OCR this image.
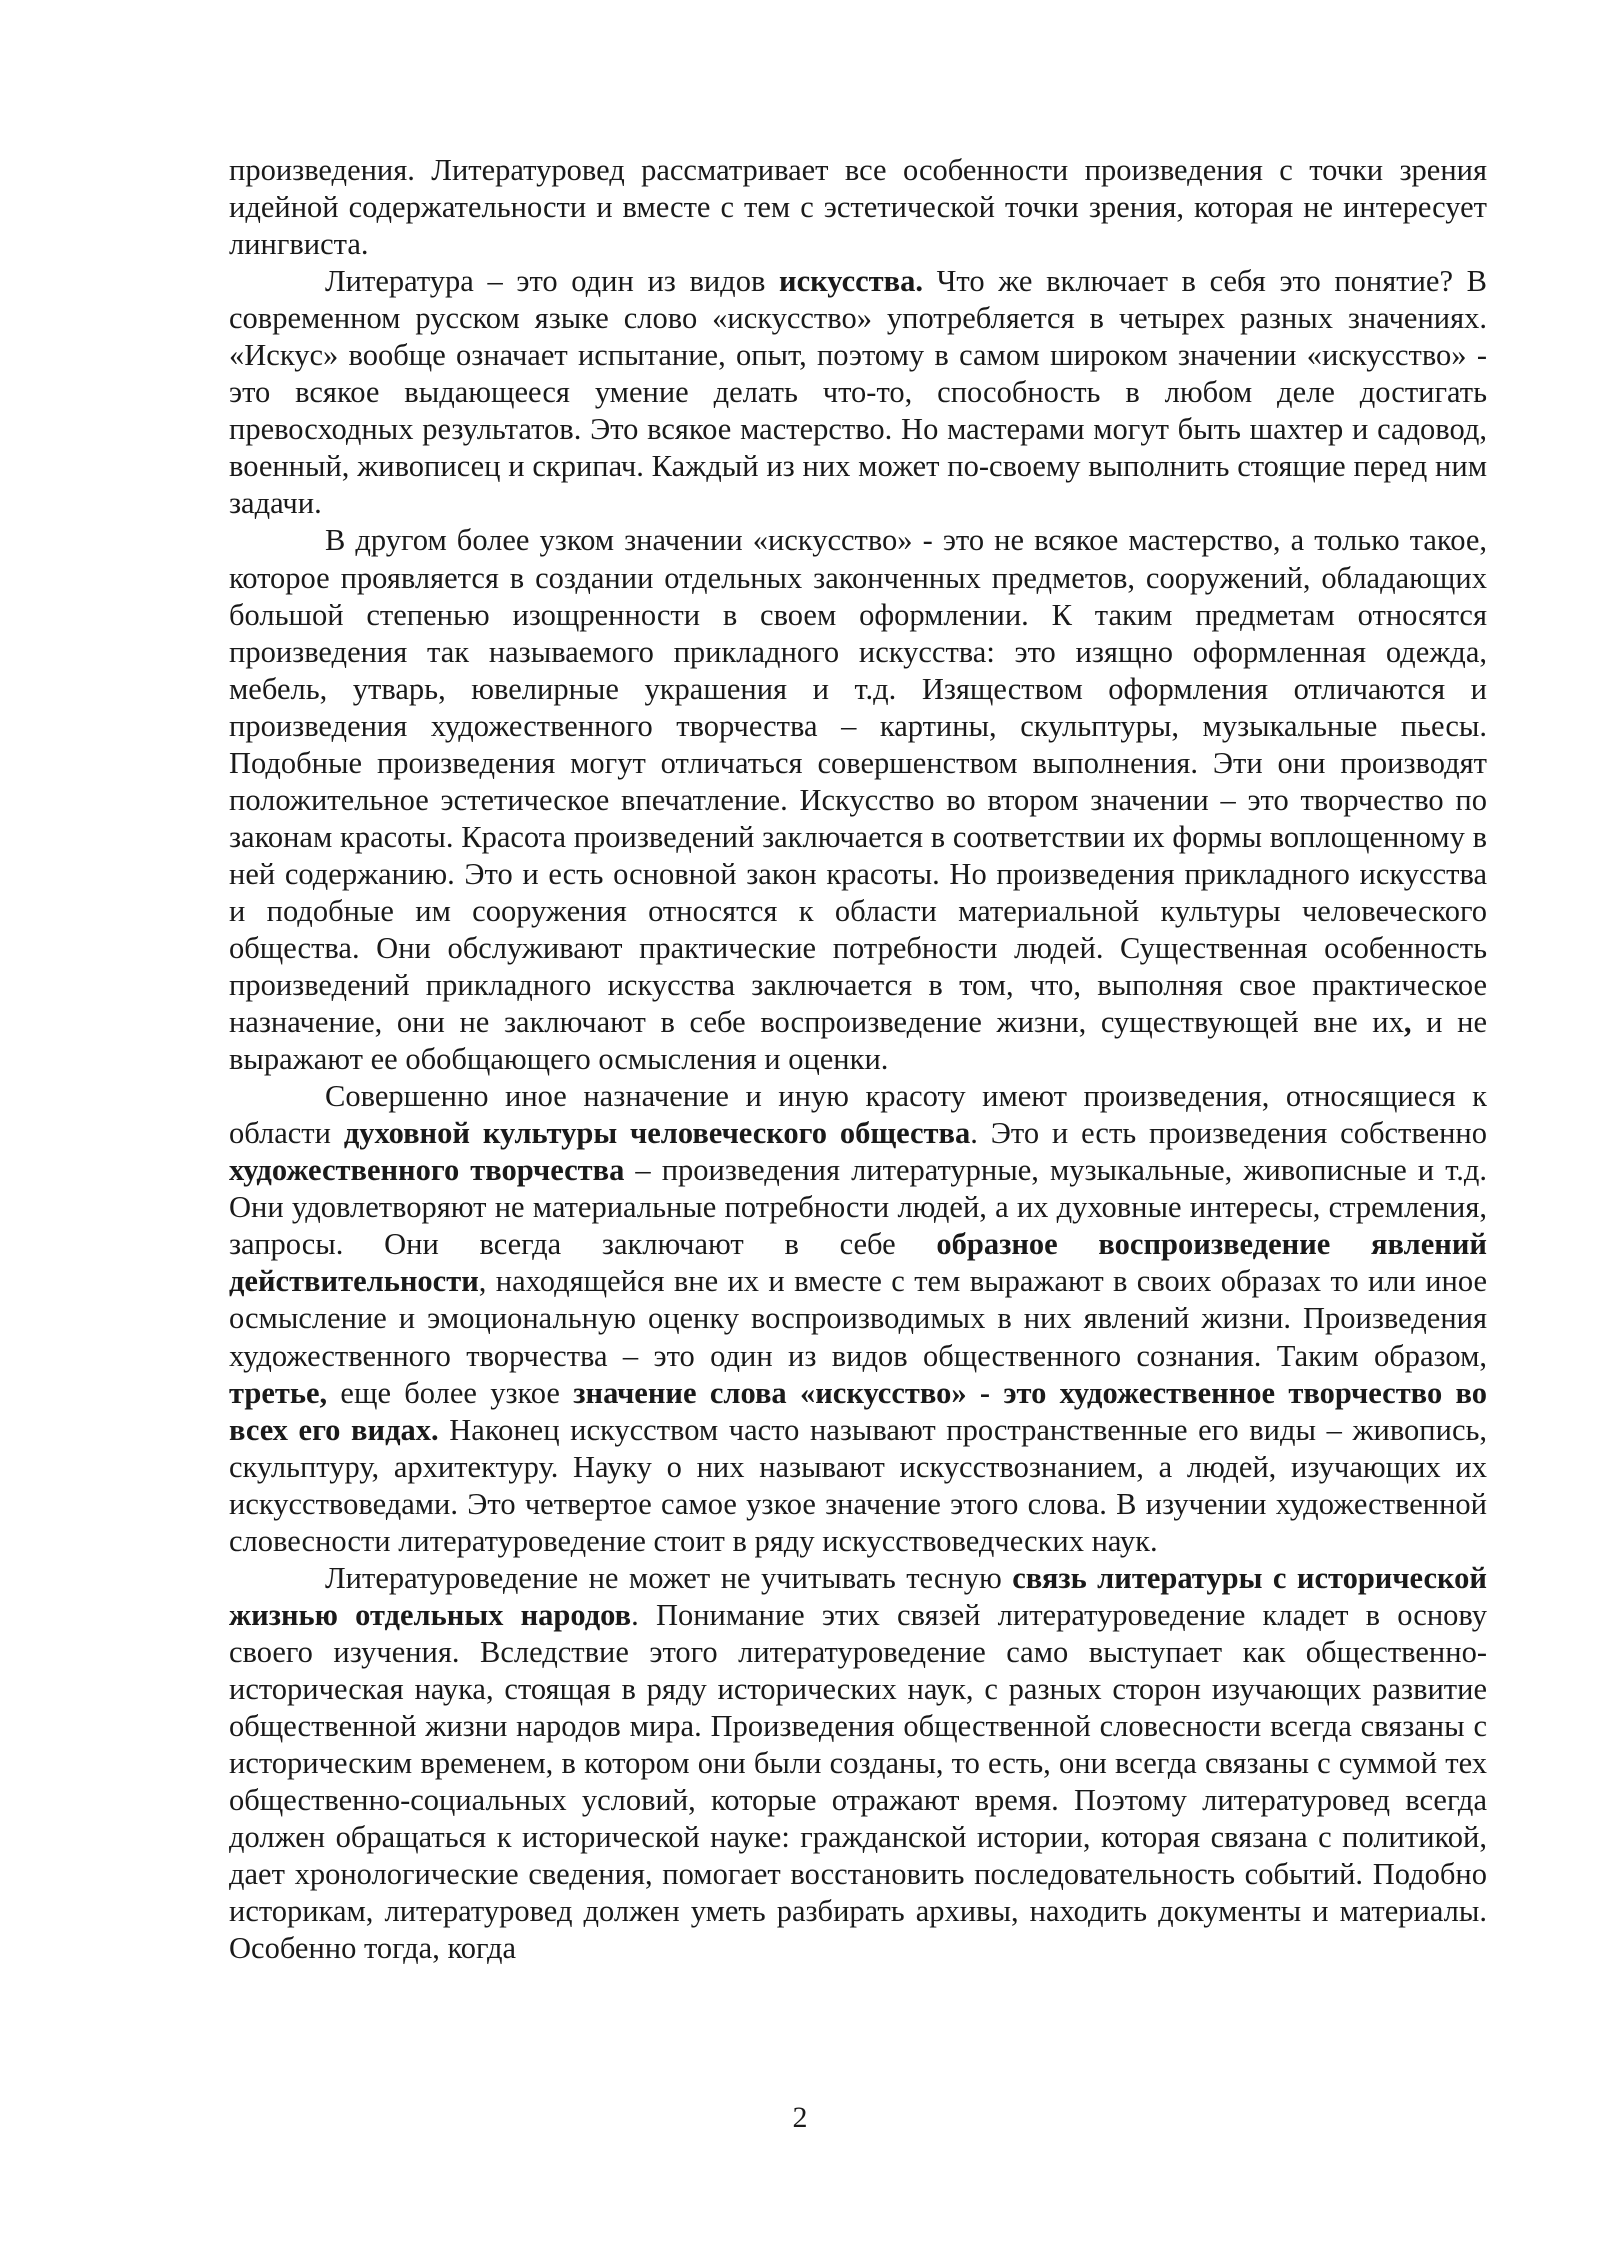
произведения. Литературовед рассматривает все особенности произведения с точки зрения идейной содержательности и вместе с тем с эстетической точки зрения, которая не интересует лингвиста.

Литература – это один из видов искусства. Что же включает в себя это понятие? В современном русском языке слово «искусство» употребляется в четырех разных значениях. «Искус» вообще означает испытание, опыт, поэтому в самом широком значении «искусство» - это всякое выдающееся умение делать что-то, способность в любом деле достигать превосходных результатов. Это всякое мастерство. Но мастерами могут быть шахтер и садовод, военный, живописец и скрипач. Каждый из них может по-своему выполнить стоящие перед ним задачи.

В другом более узком значении «искусство» - это не всякое мастерство, а только такое, которое проявляется в создании отдельных законченных предметов, сооружений, обладающих большой степенью изощренности в своем оформлении. К таким предметам относятся произведения так называемого прикладного искусства: это изящно оформленная одежда, мебель, утварь, ювелирные украшения и т.д. Изяществом оформления отличаются и произведения художественного творчества – картины, скульптуры, музыкальные пьесы. Подобные произведения могут отличаться совершенством выполнения. Эти они производят положительное эстетическое впечатление. Искусство во втором значении – это творчество по законам красоты. Красота произведений заключается в соответствии их формы воплощенному в ней содержанию. Это и есть основной закон красоты. Но произведения прикладного искусства и подобные им сооружения относятся к области материальной культуры человеческого общества. Они обслуживают практические потребности людей. Существенная особенность произведений прикладного искусства заключается в том, что, выполняя свое практическое назначение, они не заключают в себе воспроизведение жизни, существующей вне их, и не выражают ее обобщающего осмысления и оценки.

Совершенно иное назначение и иную красоту имеют произведения, относящиеся к области духовной культуры человеческого общества. Это и есть произведения собственно художественного творчества – произведения литературные, музыкальные, живописные и т.д. Они удовлетворяют не материальные потребности людей, а их духовные интересы, стремления, запросы. Они всегда заключают в себе образное воспроизведение явлений действительности, находящейся вне их и вместе с тем выражают в своих образах то или иное осмысление и эмоциональную оценку воспроизводимых в них явлений жизни. Произведения художественного творчества – это один из видов общественного сознания. Таким образом, третье, еще более узкое значение слова «искусство» - это художественное творчество во всех его видах. Наконец искусством часто называют пространственные его виды – живопись, скульптуру, архитектуру. Науку о них называют искусствознанием, а людей, изучающих их искусствоведами. Это четвертое самое узкое значение этого слова. В изучении художественной словесности литературоведение стоит в ряду искусствоведческих наук.

Литературоведение не может не учитывать тесную связь литературы с исторической жизнью отдельных народов. Понимание этих связей литературоведение кладет в основу своего изучения. Вследствие этого литературоведение само выступает как общественно-историческая наука, стоящая в ряду исторических наук, с разных сторон изучающих развитие общественной жизни народов мира. Произведения общественной словесности всегда связаны с историческим временем, в котором они были созданы, то есть, они всегда связаны с суммой тех общественно-социальных условий, которые отражают время. Поэтому литературовед всегда должен обращаться к исторической науке: гражданской истории, которая связана с политикой, дает хронологические сведения, помогает восстановить последовательность событий. Подобно историкам, литературовед должен уметь разбирать архивы, находить документы и материалы. Особенно тогда, когда

2
